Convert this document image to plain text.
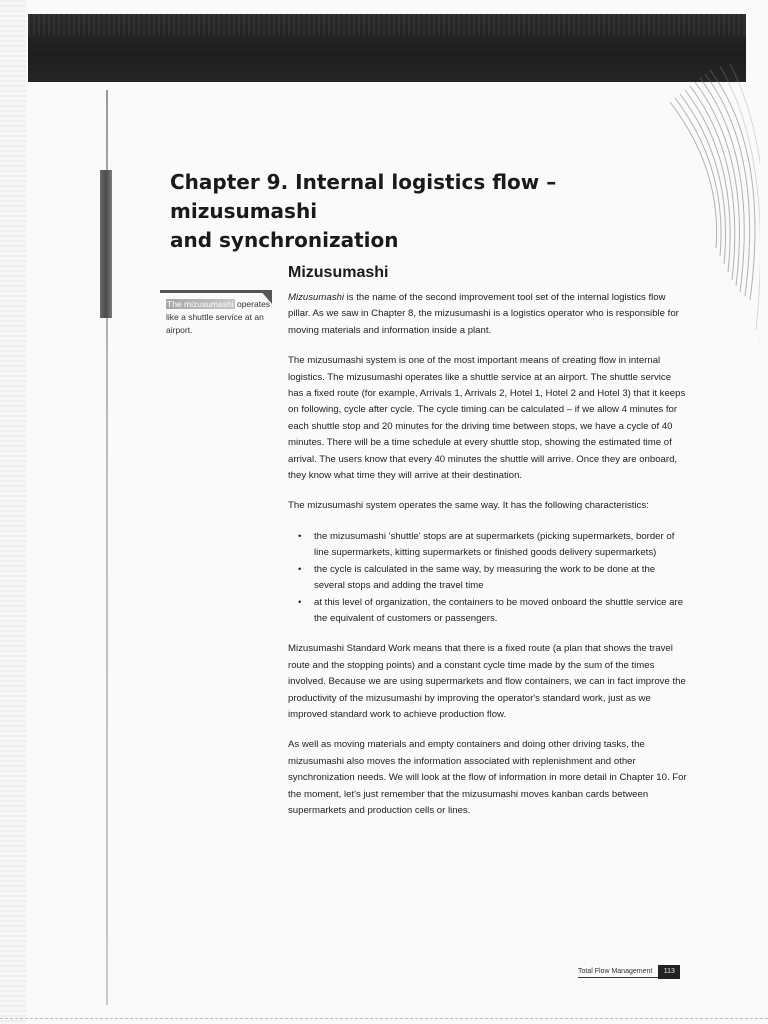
Chapter 9. Internal logistics flow – mizusumashi
and synchronization
Mizusumashi
The mizusumashi operates like a shuttle service at an airport.

Mizusumashi is the name of the second improvement tool set of the internal logistics flow pillar. As we saw in Chapter 8, the mizusumashi is a logistics operator who is responsible for moving materials and information inside a plant.

The mizusumashi system is one of the most important means of creating flow in internal logistics. The mizusumashi operates like a shuttle service at an airport. The shuttle service has a fixed route (for example, Arrivals 1, Arrivals 2, Hotel 1, Hotel 2 and Hotel 3) that it keeps on following, cycle after cycle. The cycle timing can be calculated – if we allow 4 minutes for each shuttle stop and 20 minutes for the driving time between stops, we have a cycle of 40 minutes. There will be a time schedule at every shuttle stop, showing the estimated time of arrival. The users know that every 40 minutes the shuttle will arrive. Once they are onboard, they know what time they will arrive at their destination.

The mizusumashi system operates the same way. It has the following characteristics:

• the mizusumashi 'shuttle' stops are at supermarkets (picking supermarkets, border of line supermarkets, kitting supermarkets or finished goods delivery supermarkets)
• the cycle is calculated in the same way, by measuring the work to be done at the several stops and adding the travel time
• at this level of organization, the containers to be moved onboard the shuttle service are the equivalent of customers or passengers.

Mizusumashi Standard Work means that there is a fixed route (a plan that shows the travel route and the stopping points) and a constant cycle time made by the sum of the times involved. Because we are using supermarkets and flow containers, we can in fact improve the productivity of the mizusumashi by improving the operator's standard work, just as we improved standard work to achieve production flow.

As well as moving materials and empty containers and doing other driving tasks, the mizusumashi also moves the information associated with replenishment and other synchronization needs. We will look at the flow of information in more detail in Chapter 10. For the moment, let's just remember that the mizusumashi moves kanban cards between supermarkets and production cells or lines.

Total Flow Management	113
